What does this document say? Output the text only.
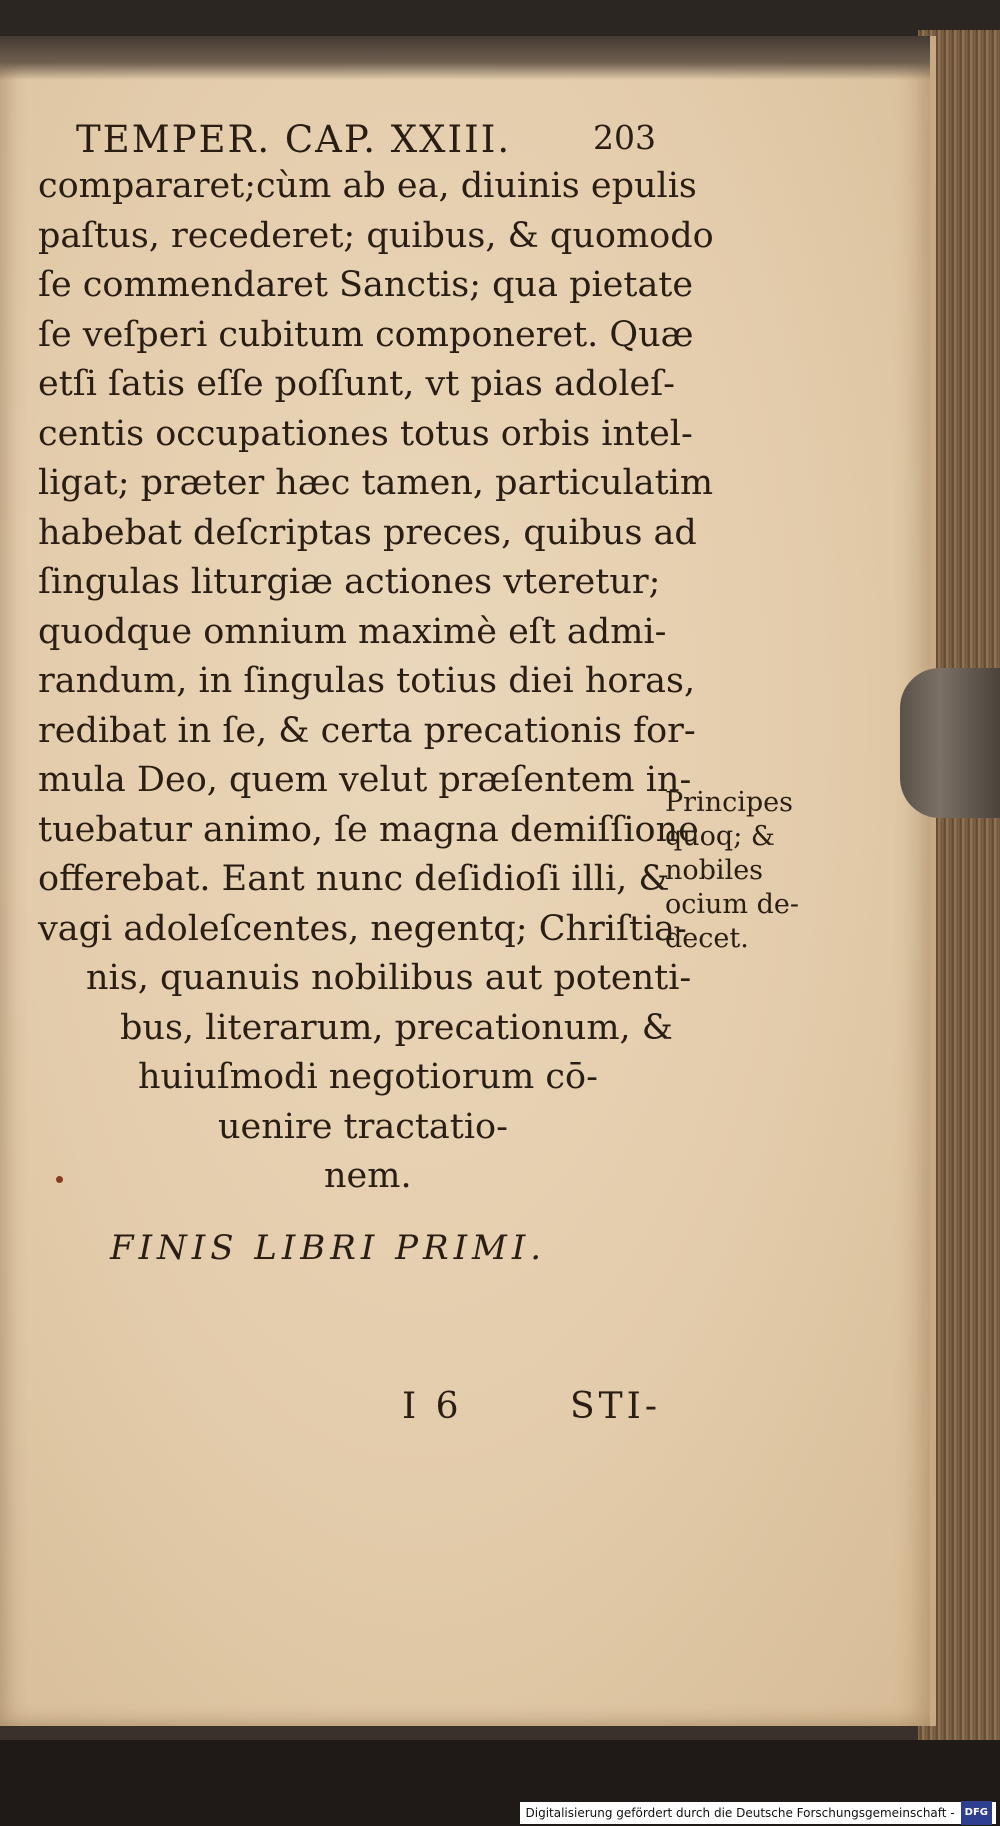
TEMPER. CAP. XXIII. 203
compararet;cùm ab ea, diuinis epulis
paſtus, recederet; quibus, & quomodo
ſe commendaret Sanctis; qua pietate
ſe veſperi cubitum componeret. Quæ
etſi ſatis eſſe poſſunt, vt pias adoleſ-
centis occupationes totus orbis intel-
ligat; præter hæc tamen, particulatim
habebat deſcriptas preces, quibus ad
ſingulas liturgiæ actiones vteretur;
quodque omnium maximè eſt admi-
randum, in ſingulas totius diei horas,
redibat in ſe, & certa precationis for-
mula Deo, quem velut præſentem in-
tuebatur animo, ſe magna demiſſione
offerebat. Eant nunc deſidioſi illi, &
vagi adoleſcentes, negentq; Chriſtia-
nis, quanuis nobilibus aut potenti-
bus, literarum, precationum, &
huiuſmodi negotiorum cō-
uenire tractatio-
nem.
Principes
quoq; &
nobiles
ocium de-
decet.
FINIS LIBRI PRIMI.
I 6	STI-
Digitalisierung gefördert durch die Deutsche Forschungsgemeinschaft -	DFG
